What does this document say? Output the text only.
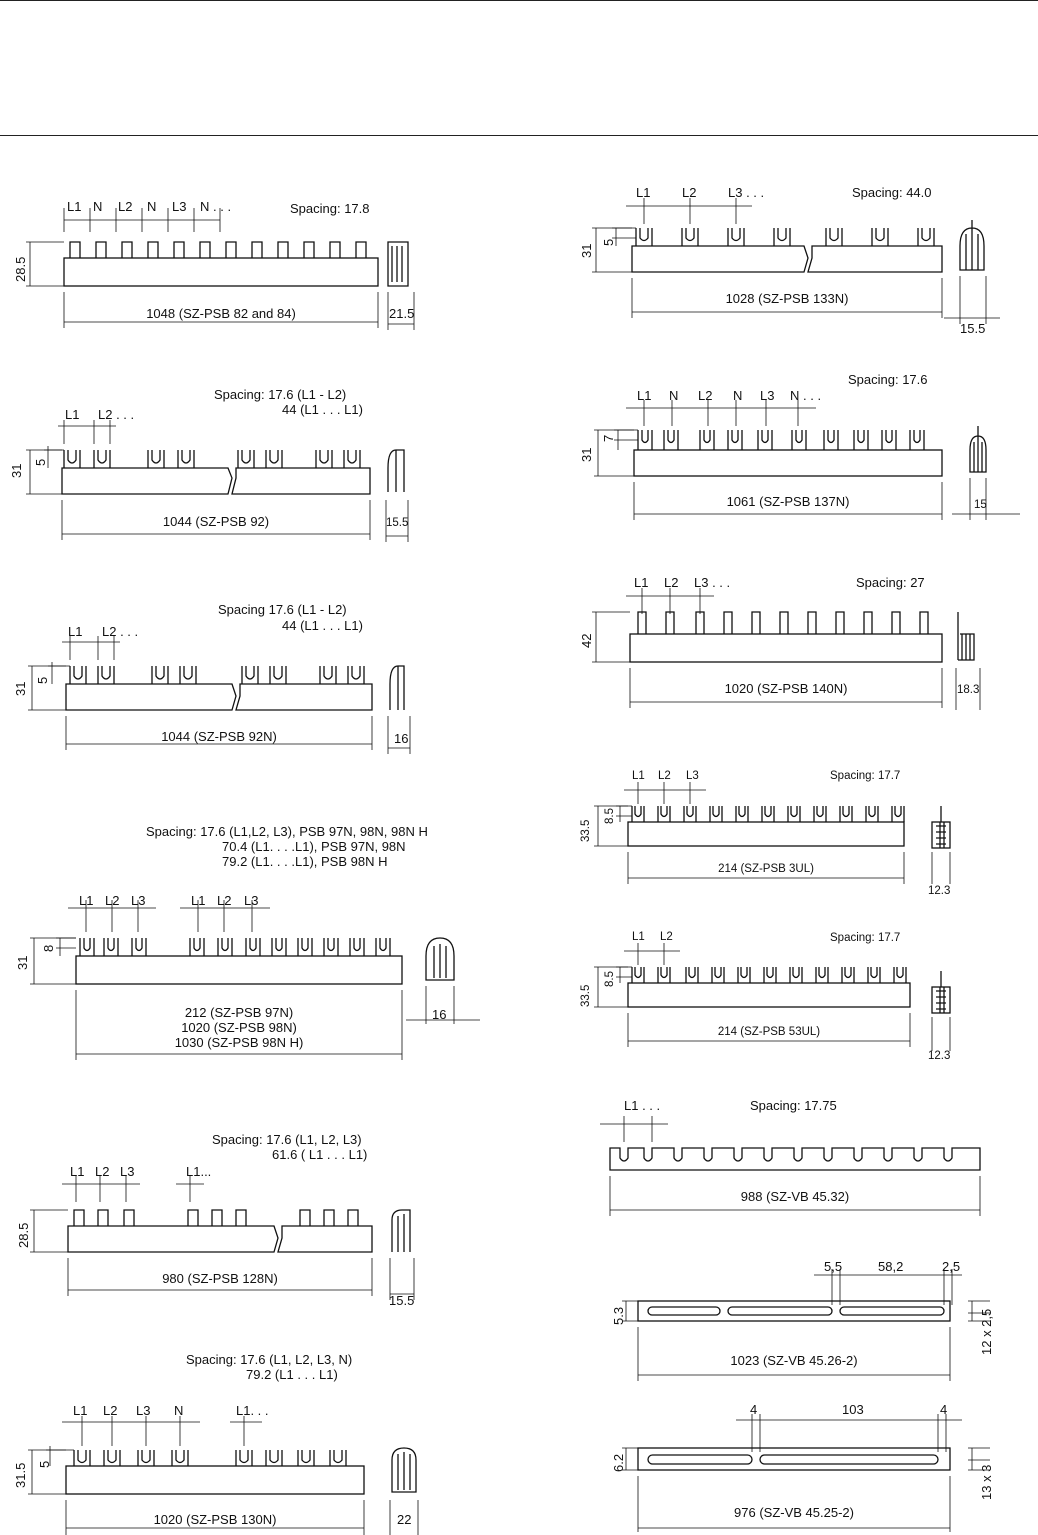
L1 N L2 N L3 N . . .	Spacing: 17.8
28.5
1048 (SZ-PSB 82 and 84)	21.5
Spacing: 17.6 (L1 - L2)
44 (L1 . . . L1)
L1 L2 . . .
31
5
1044 (SZ-PSB 92)	15.5
Spacing 17.6 (L1 - L2)
44 (L1 . . . L1)
L1 L2 . . .
31
5
1044 (SZ-PSB 92N)	16
Spacing: 17.6 (L1,L2, L3), PSB 97N, 98N, 98N H
70.4 (L1. . . .L1), PSB 97N, 98N
79.2 (L1. . . .L1), PSB 98N H
L1 L2 L3	L1 L2 L3
31
8
212 (SZ-PSB 97N)
1020 (SZ-PSB 98N)
1030 (SZ-PSB 98N H)
16
Spacing: 17.6 (L1, L2, L3)
61.6 ( L1 . . . L1)
L1 L2 L3	L1...
28.5
980 (SZ-PSB 128N)
15.5
Spacing: 17.6 (L1, L2, L3, N)
79.2 (L1 . . . L1)
L1 L2 L3 N	L1. . .
31.5 5
1020 (SZ-PSB 130N)	22
L1 L2 L3 . . .	Spacing: 44.0
31
5
1028 (SZ-PSB 133N)
15.5
Spacing: 17.6
L1 N L2 N L3 N . . .
31
7
1061 (SZ-PSB 137N)	15
L1 L2 L3 . . .	Spacing: 27
42
1020 (SZ-PSB 140N)	18.3
L1 L2 L3	Spacing: 17.7
33.5
8.5
214 (SZ-PSB 3UL)
12.3
L1 L2	Spacing: 17.7
33.5
8.5
214 (SZ-PSB 53UL)
12.3
L1 . . .	Spacing: 17.75
988 (SZ-VB 45.32)
5,5	58,2	2,5
5.3	12 x 2,5
1023 (SZ-VB 45.26-2)
4	103	4
6.2
13 x 3
976 (SZ-VB 45.25-2)
